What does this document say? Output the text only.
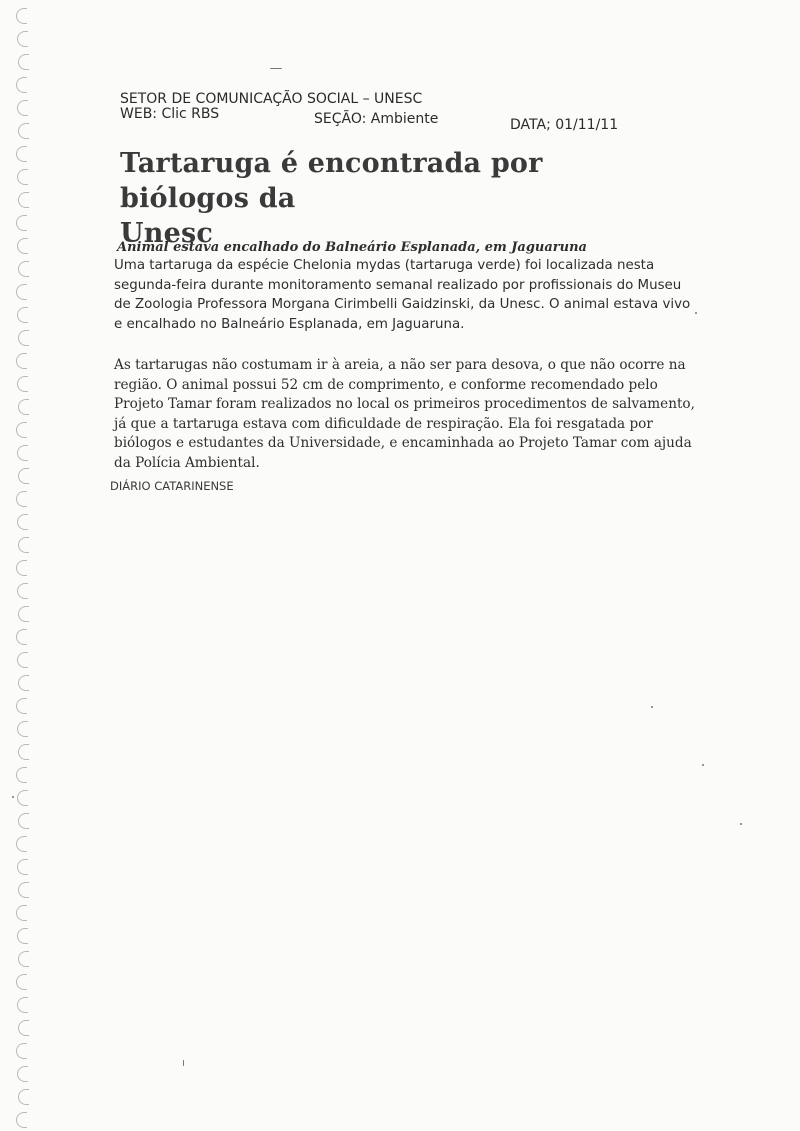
SETOR DE COMUNICAÇÃO SOCIAL – UNESC
WEB: Clic RBS	SEÇÃO: Ambiente	DATA; 01/11/11
Tartaruga é encontrada por biólogos da
Unesc
Animal estava encalhado do Balneário Esplanada, em Jaguaruna
Uma tartaruga da espécie Chelonia mydas (tartaruga verde) foi localizada nesta
segunda-feira durante monitoramento semanal realizado por profissionais do Museu
de Zoologia Professora Morgana Cirimbelli Gaidzinski, da Unesc. O animal estava vivo
e encalhado no Balneário Esplanada, em Jaguaruna.
As tartarugas não costumam ir à areia, a não ser para desova, o que não ocorre na
região. O animal possui 52 cm de comprimento, e conforme recomendado pelo
Projeto Tamar foram realizados no local os primeiros procedimentos de salvamento,
já que a tartaruga estava com dificuldade de respiração. Ela foi resgatada por
biólogos e estudantes da Universidade, e encaminhada ao Projeto Tamar com ajuda
da Polícia Ambiental.
DIÁRIO CATARINENSE
